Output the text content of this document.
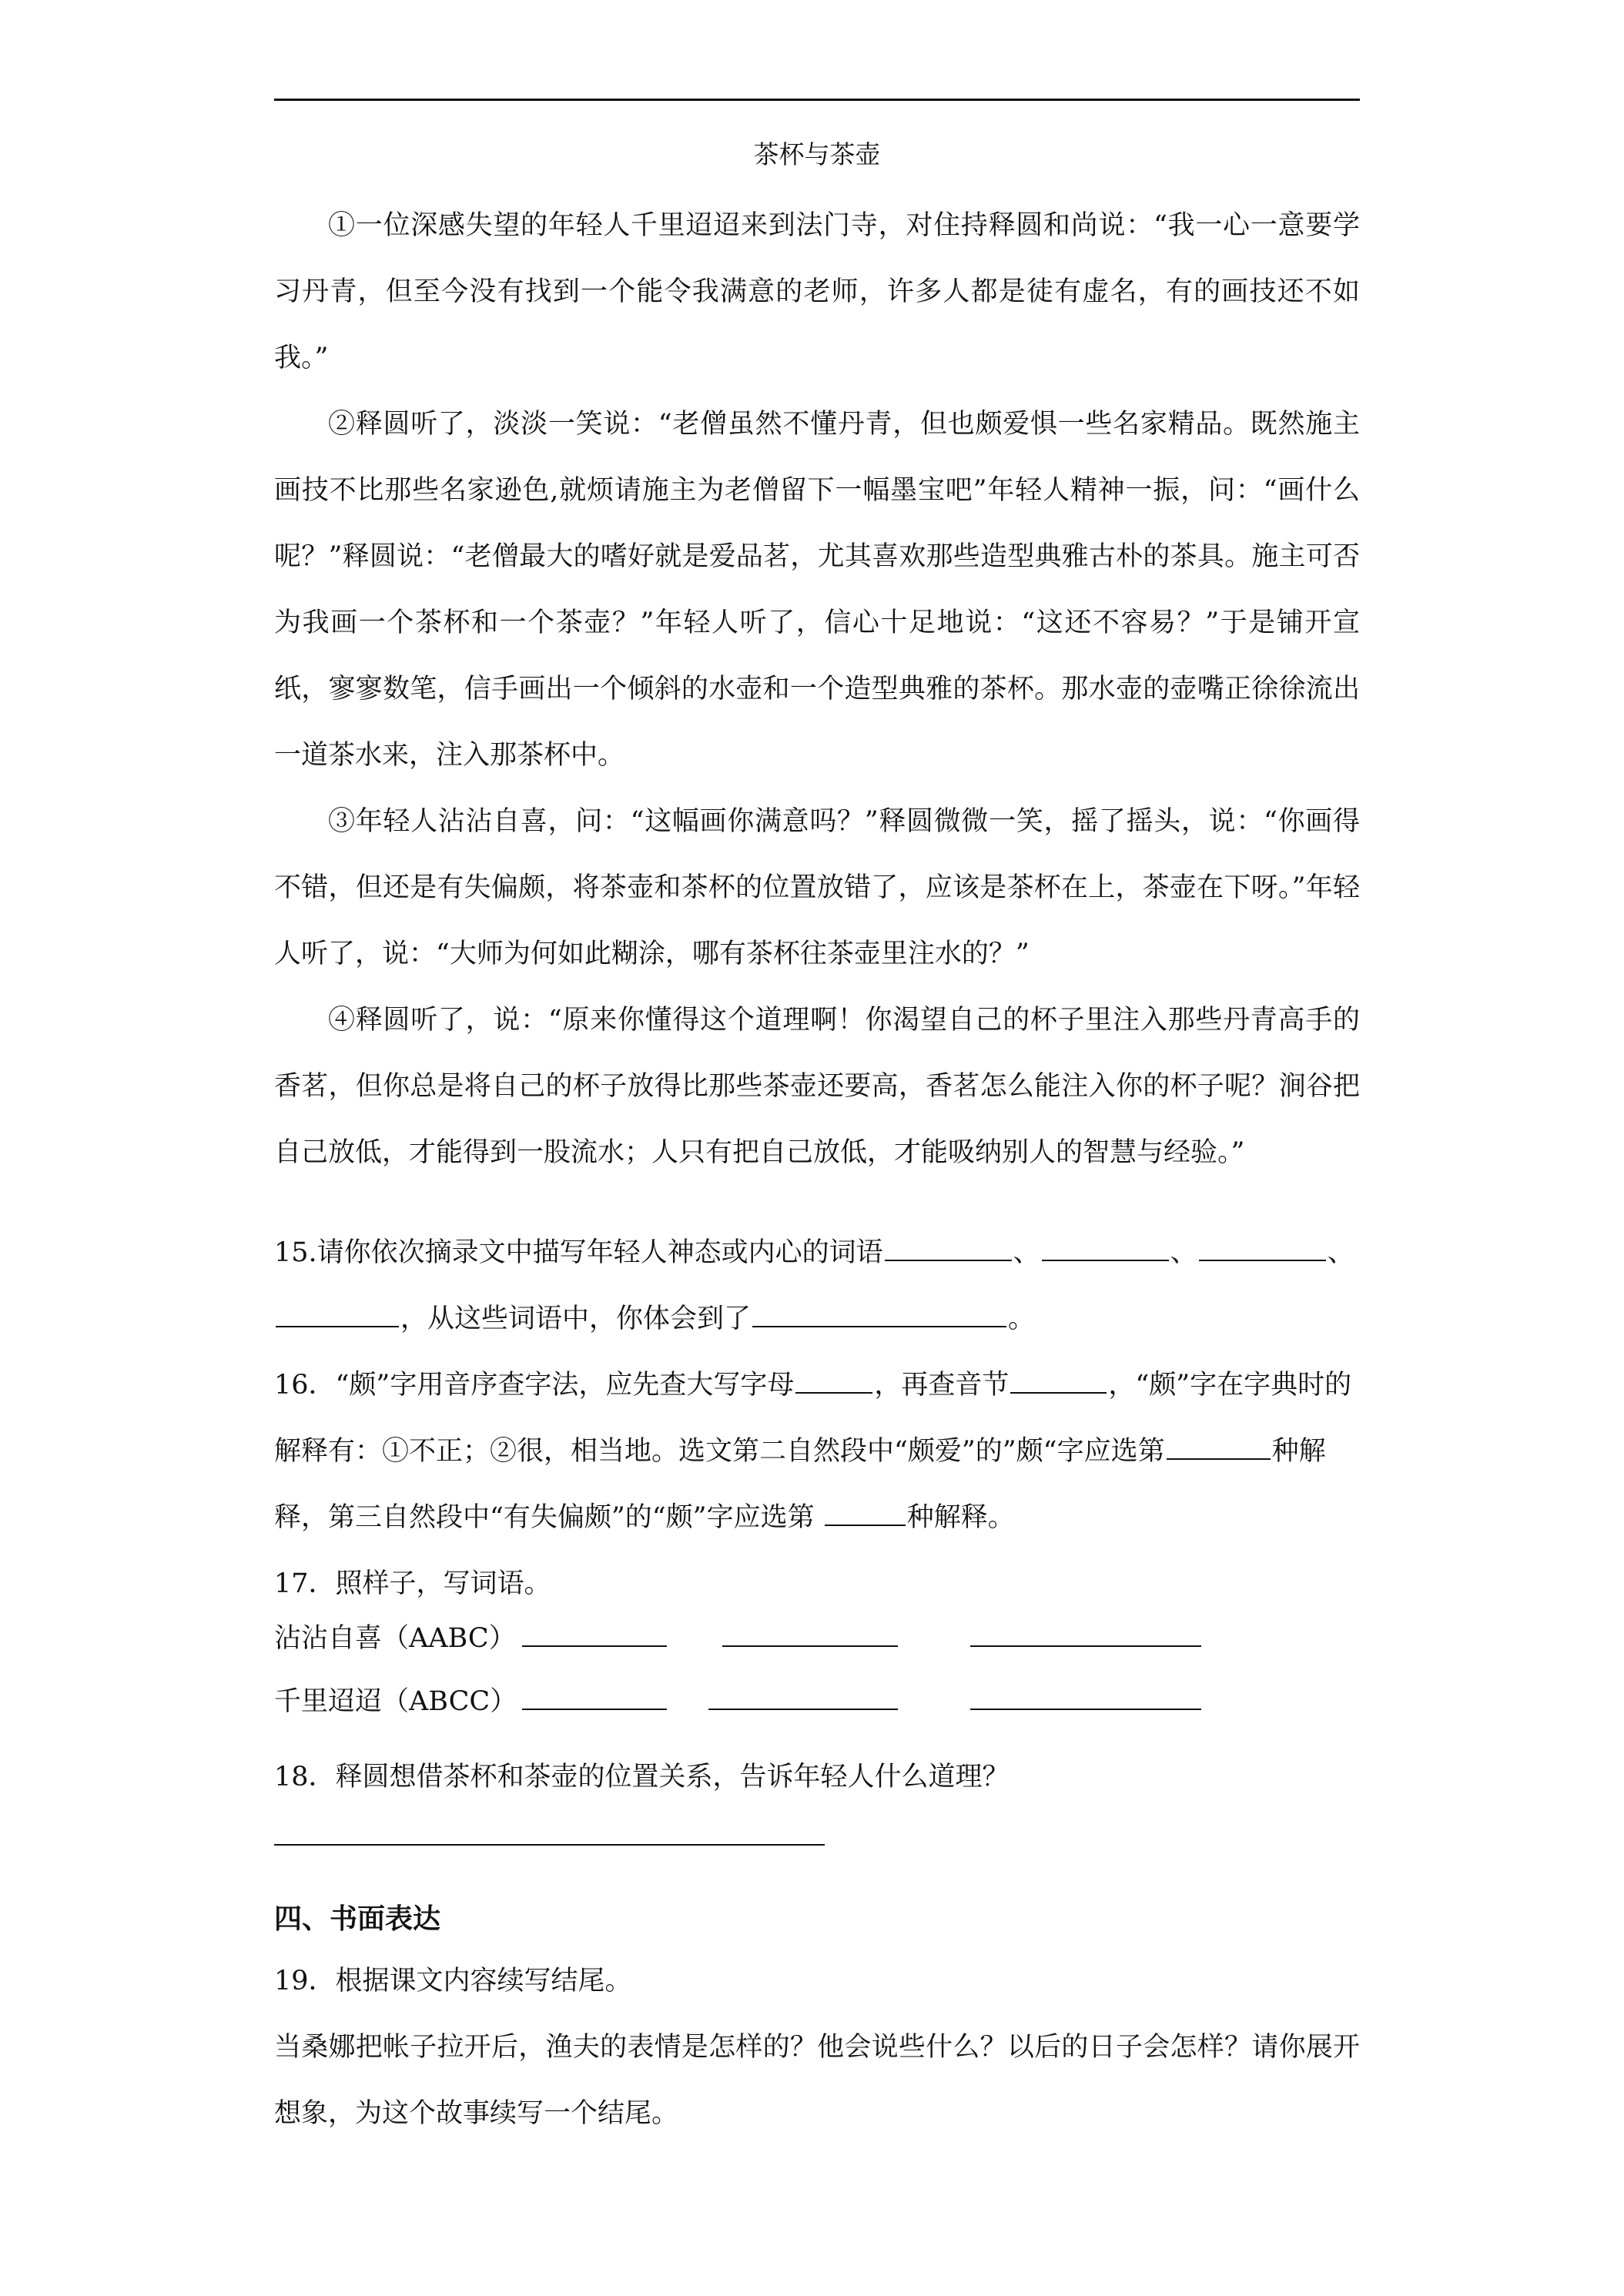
茶杯与茶壶

①一位深感失望的年轻人千里迢迢来到法门寺，对住持释圆和尚说：“我一心一意要学习丹青，但至今没有找到一个能令我满意的老师，许多人都是徒有虚名，有的画技还不如我。”

②释圆听了，淡淡一笑说：“老僧虽然不懂丹青，但也颇爱惧一些名家精品。既然施主画技不比那些名家逊色,就烦请施主为老僧留下一幅墨宝吧”年轻人精神一振，问：“画什么呢？”释圆说：“老僧最大的嗜好就是爱品茗，尤其喜欢那些造型典雅古朴的茶具。施主可否为我画一个茶杯和一个茶壶？”年轻人听了，信心十足地说：“这还不容易？”于是铺开宣纸，寥寥数笔，信手画出一个倾斜的水壶和一个造型典雅的茶杯。那水壶的壶嘴正徐徐流出一道茶水来，注入那茶杯中。

③年轻人沾沾自喜，问：“这幅画你满意吗？”释圆微微一笑，摇了摇头，说：“你画得不错，但还是有失偏颇，将茶壶和茶杯的位置放错了，应该是茶杯在上，茶壶在下呀。”年轻人听了，说：“大师为何如此糊涂，哪有茶杯往茶壶里注水的？”

④释圆听了，说：“原来你懂得这个道理啊！你渴望自己的杯子里注入那些丹青高手的香茗，但你总是将自己的杯子放得比那些茶壶还要高，香茗怎么能注入你的杯子呢？涧谷把自己放低，才能得到一股流水；人只有把自己放低，才能吸纳别人的智慧与经验。”

15.请你依次摘录文中描写年轻人神态或内心的词语	、	、	、，从这些词语中，你体会到了	。

16．“颇”字用音序查字法，应先查大写字母	，再查音节	，“颇”字在字典时的解释有：①不正；②很，相当地。选文第二自然段中“颇爱”的”颇“字应选第	种解释，第三自然段中“有失偏颇”的“颇”字应选第	种解释。

17．照样子，写词语。

沾沾自喜（AABC）
千里迢迢（ABCC）

18．释圆想借茶杯和茶壶的位置关系，告诉年轻人什么道理？

四、书面表达

19．根据课文内容续写结尾。

当桑娜把帐子拉开后，渔夫的表情是怎样的？他会说些什么？以后的日子会怎样？请你展开想象，为这个故事续写一个结尾。
